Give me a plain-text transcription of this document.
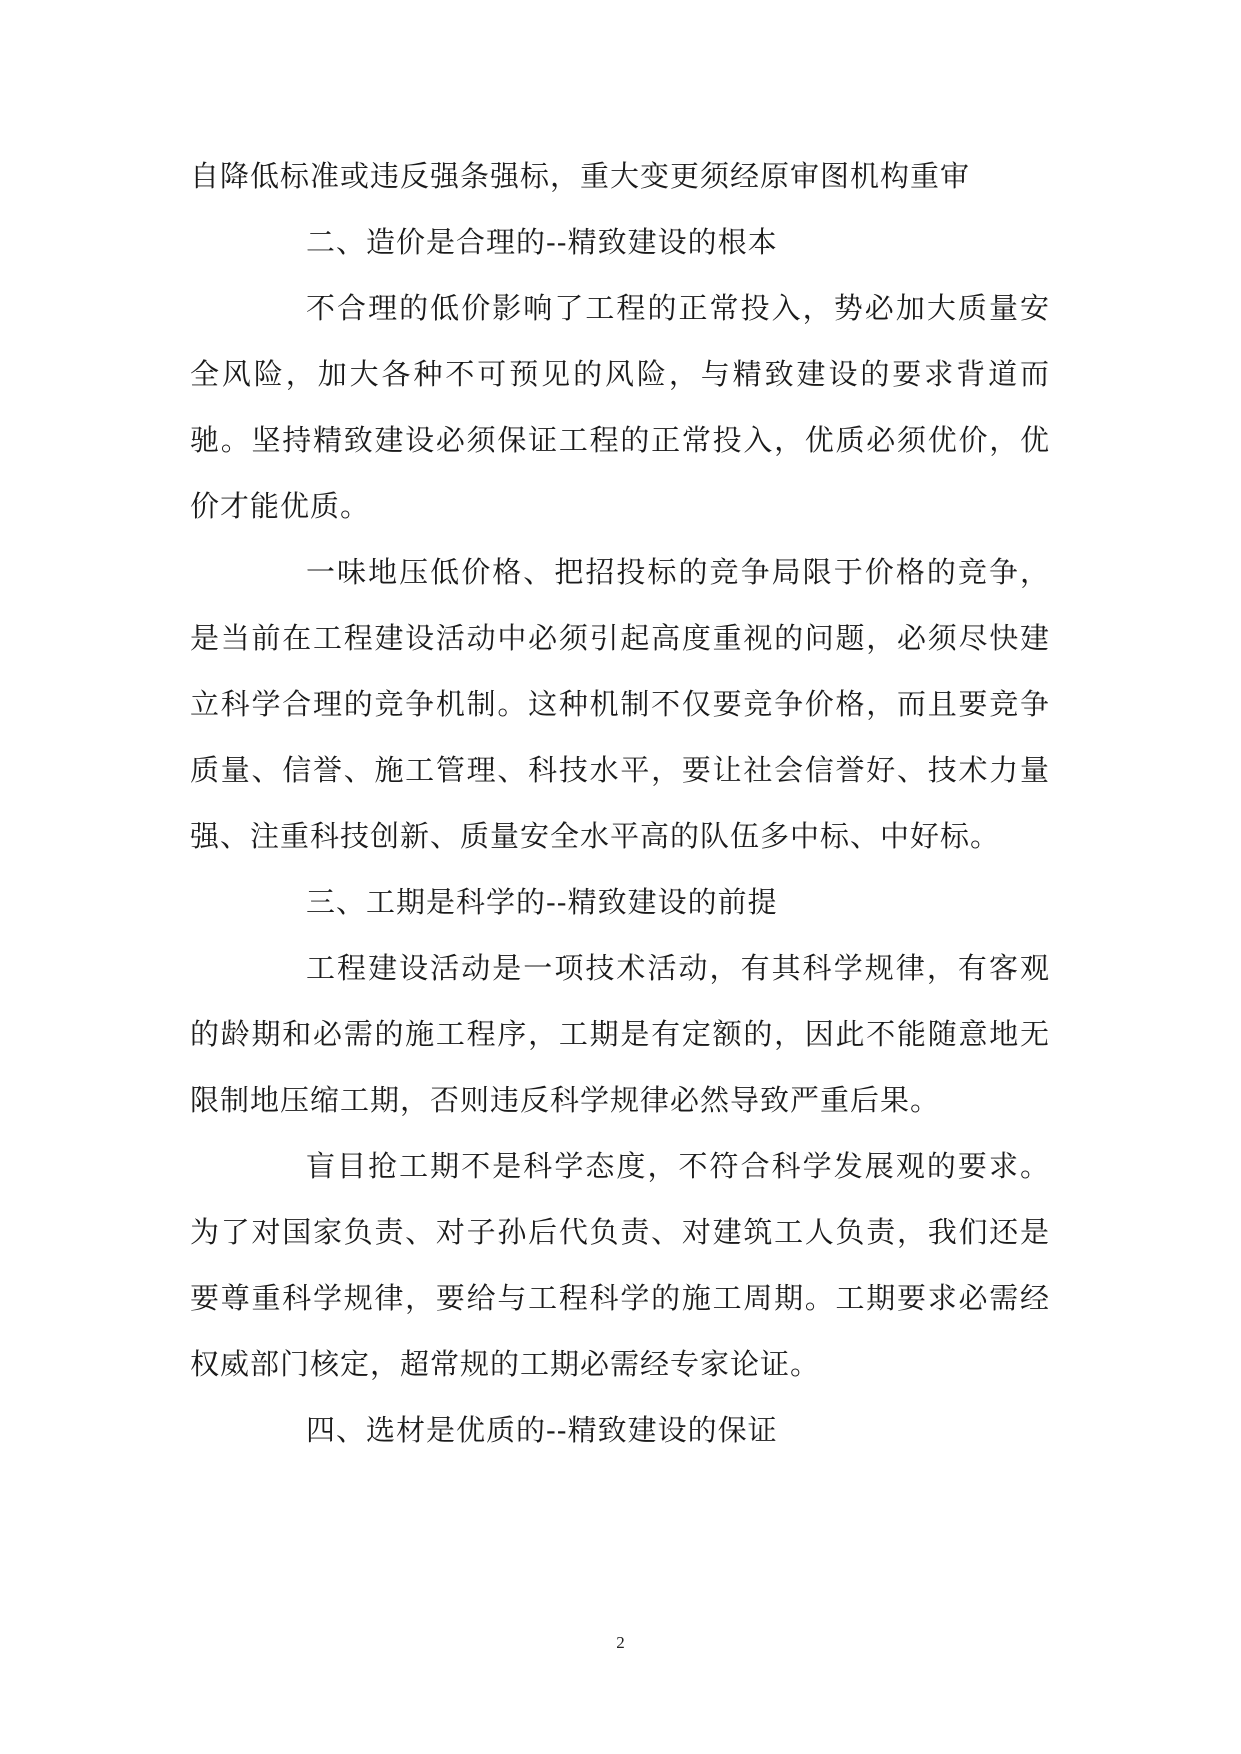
自降低标准或违反强条强标，重大变更须经原审图机构重审

二、造价是合理的--精致建设的根本

不合理的低价影响了工程的正常投入，势必加大质量安全风险，加大各种不可预见的风险，与精致建设的要求背道而驰。坚持精致建设必须保证工程的正常投入，优质必须优价，优价才能优质。

一味地压低价格、把招投标的竞争局限于价格的竞争，是当前在工程建设活动中必须引起高度重视的问题，必须尽快建立科学合理的竞争机制。这种机制不仅要竞争价格，而且要竞争质量、信誉、施工管理、科技水平，要让社会信誉好、技术力量强、注重科技创新、质量安全水平高的队伍多中标、中好标。

三、工期是科学的--精致建设的前提

工程建设活动是一项技术活动，有其科学规律，有客观的龄期和必需的施工程序，工期是有定额的，因此不能随意地无限制地压缩工期，否则违反科学规律必然导致严重后果。

盲目抢工期不是科学态度，不符合科学发展观的要求。为了对国家负责、对子孙后代负责、对建筑工人负责，我们还是要尊重科学规律，要给与工程科学的施工周期。工期要求必需经权威部门核定，超常规的工期必需经专家论证。

四、选材是优质的--精致建设的保证

2
